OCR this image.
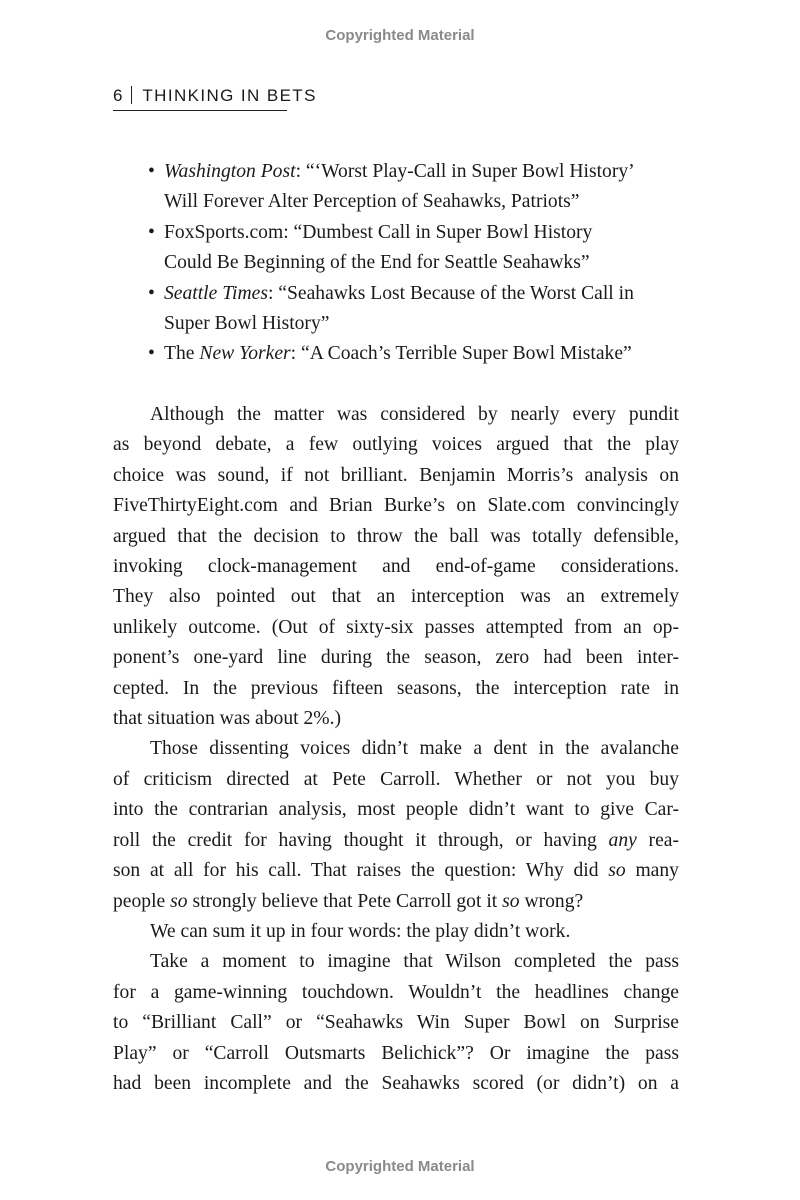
Copyrighted Material
6 THINKING IN BETS
• Washington Post: “‘Worst Play-Call in Super Bowl History’
Will Forever Alter Perception of Seahawks, Patriots”
• FoxSports.com: “Dumbest Call in Super Bowl History
Could Be Beginning of the End for Seattle Seahawks”
• Seattle Times: “Seahawks Lost Because of the Worst Call in
Super Bowl History”
• The New Yorker: “A Coach’s Terrible Super Bowl Mistake”
Although the matter was considered by nearly every pundit
as beyond debate, a few outlying voices argued that the play
choice was sound, if not brilliant. Benjamin Morris’s analysis on
FiveThirtyEight.com and Brian Burke’s on Slate.com convincingly
argued that the decision to throw the ball was totally defensible,
invoking clock-management and end-of-game considerations.
They also pointed out that an interception was an extremely
unlikely outcome. (Out of sixty-six passes attempted from an op-
ponent’s one-yard line during the season, zero had been inter-
cepted. In the previous fifteen seasons, the interception rate in
that situation was about 2%.)
Those dissenting voices didn’t make a dent in the avalanche
of criticism directed at Pete Carroll. Whether or not you buy
into the contrarian analysis, most people didn’t want to give Car-
roll the credit for having thought it through, or having any rea-
son at all for his call. That raises the question: Why did so many
people so strongly believe that Pete Carroll got it so wrong?
We can sum it up in four words: the play didn’t work.
Take a moment to imagine that Wilson completed the pass
for a game-winning touchdown. Wouldn’t the headlines change
to “Brilliant Call” or “Seahawks Win Super Bowl on Surprise
Play” or “Carroll Outsmarts Belichick”? Or imagine the pass
had been incomplete and the Seahawks scored (or didn’t) on a
Copyrighted Material
